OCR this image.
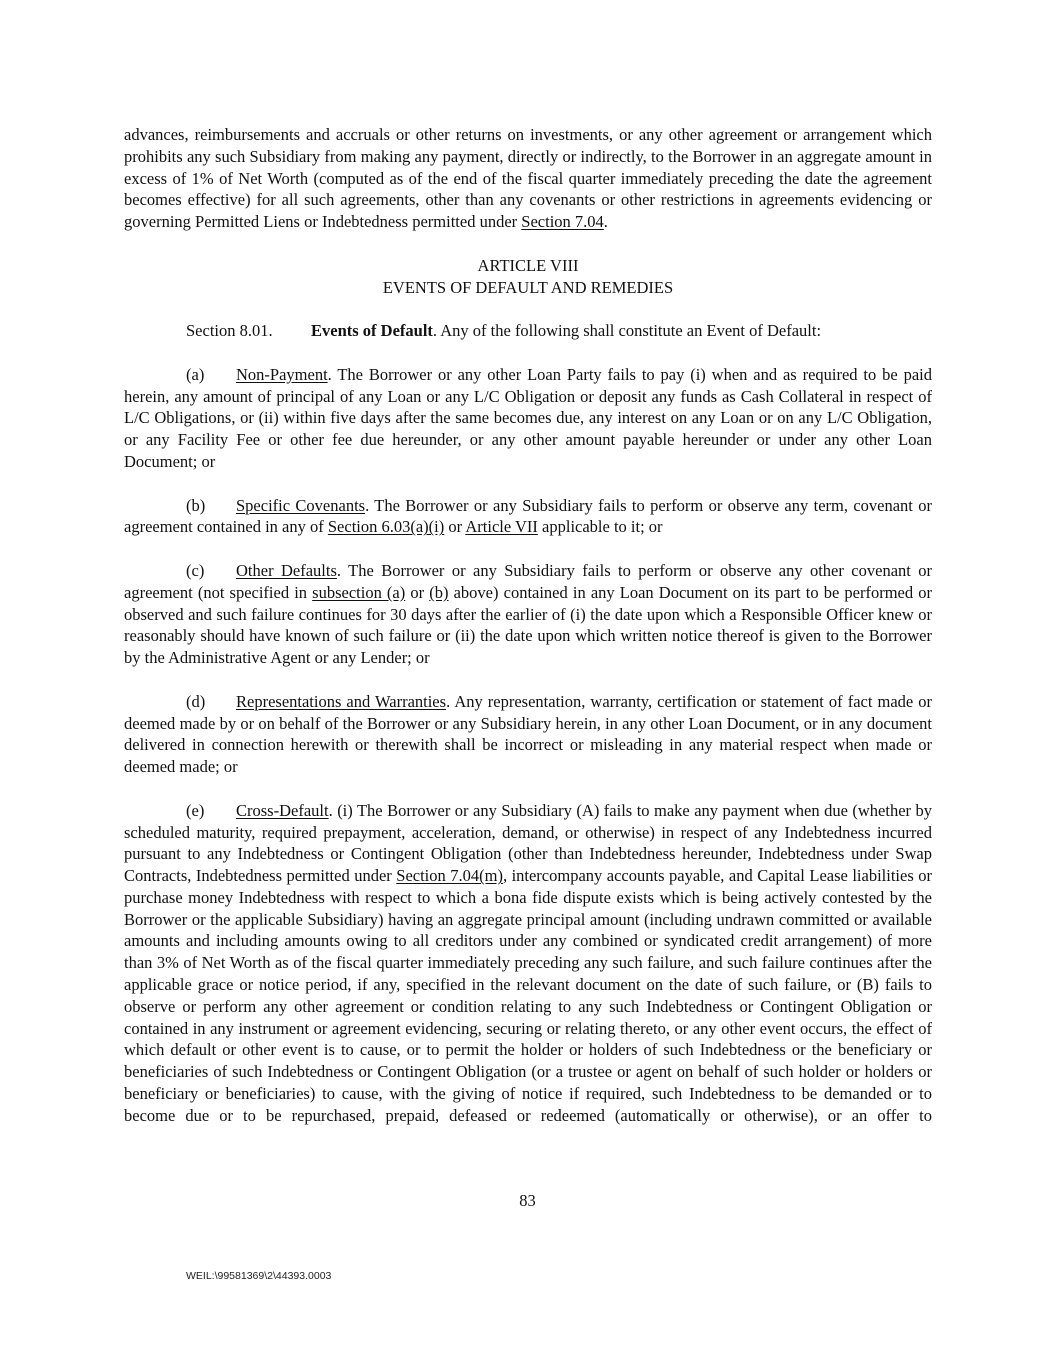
advances, reimbursements and accruals or other returns on investments, or any other agreement or arrangement which prohibits any such Subsidiary from making any payment, directly or indirectly, to the Borrower in an aggregate amount in excess of 1% of Net Worth (computed as of the end of the fiscal quarter immediately preceding the date the agreement becomes effective) for all such agreements, other than any covenants or other restrictions in agreements evidencing or governing Permitted Liens or Indebtedness permitted under Section 7.04.

ARTICLE VIII

EVENTS OF DEFAULT AND REMEDIES

Section 8.01. Events of Default. Any of the following shall constitute an Event of Default:

(a) Non-Payment. The Borrower or any other Loan Party fails to pay (i) when and as required to be paid herein, any amount of principal of any Loan or any L/C Obligation or deposit any funds as Cash Collateral in respect of L/C Obligations, or (ii) within five days after the same becomes due, any interest on any Loan or on any L/C Obligation, or any Facility Fee or other fee due hereunder, or any other amount payable hereunder or under any other Loan Document; or

(b) Specific Covenants. The Borrower or any Subsidiary fails to perform or observe any term, covenant or agreement contained in any of Section 6.03(a)(i) or Article VII applicable to it; or

(c) Other Defaults. The Borrower or any Subsidiary fails to perform or observe any other covenant or agreement (not specified in subsection (a) or (b) above) contained in any Loan Document on its part to be performed or observed and such failure continues for 30 days after the earlier of (i) the date upon which a Responsible Officer knew or reasonably should have known of such failure or (ii) the date upon which written notice thereof is given to the Borrower by the Administrative Agent or any Lender; or

(d) Representations and Warranties. Any representation, warranty, certification or statement of fact made or deemed made by or on behalf of the Borrower or any Subsidiary herein, in any other Loan Document, or in any document delivered in connection herewith or therewith shall be incorrect or misleading in any material respect when made or deemed made; or

(e) Cross-Default. (i) The Borrower or any Subsidiary (A) fails to make any payment when due (whether by scheduled maturity, required prepayment, acceleration, demand, or otherwise) in respect of any Indebtedness incurred pursuant to any Indebtedness or Contingent Obligation (other than Indebtedness hereunder, Indebtedness under Swap Contracts, Indebtedness permitted under Section 7.04(m), intercompany accounts payable, and Capital Lease liabilities or purchase money Indebtedness with respect to which a bona fide dispute exists which is being actively contested by the Borrower or the applicable Subsidiary) having an aggregate principal amount (including undrawn committed or available amounts and including amounts owing to all creditors under any combined or syndicated credit arrangement) of more than 3% of Net Worth as of the fiscal quarter immediately preceding any such failure, and such failure continues after the applicable grace or notice period, if any, specified in the relevant document on the date of such failure, or (B) fails to observe or perform any other agreement or condition relating to any such Indebtedness or Contingent Obligation or contained in any instrument or agreement evidencing, securing or relating thereto, or any other event occurs, the effect of which default or other event is to cause, or to permit the holder or holders of such Indebtedness or the beneficiary or beneficiaries of such Indebtedness or Contingent Obligation (or a trustee or agent on behalf of such holder or holders or beneficiary or beneficiaries) to cause, with the giving of notice if required, such Indebtedness to be demanded or to become due or to be repurchased, prepaid, defeased or redeemed (automatically or otherwise), or an offer to

83
WEIL:\99581369\2\44393.0003
